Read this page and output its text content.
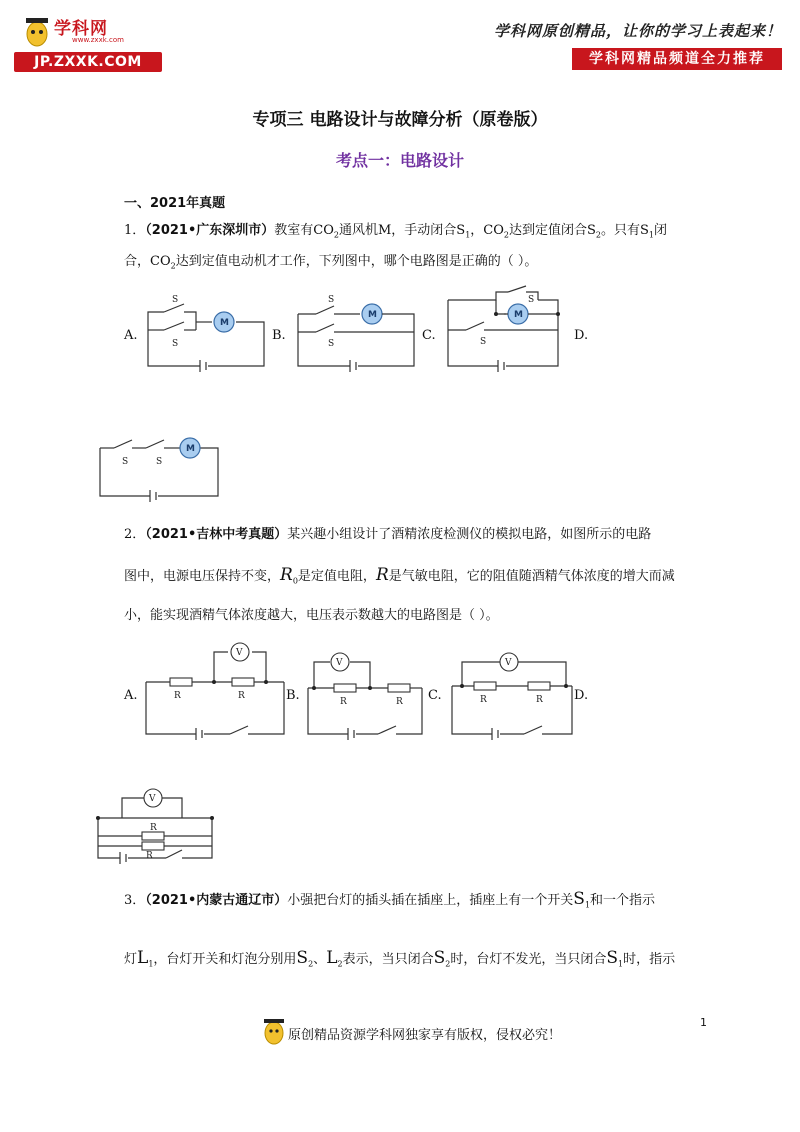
学科网
www.zxxk.com
JP.ZXXK.COM
学科网原创精品，让你的学习上表起来！
学科网精品频道全力推荐
专项三 电路设计与故障分析（原卷版）
考点一：电路设计
一、2021年真题
1．（2021•广东深圳市）教室有$CO_2$通风机M，手动闭合$S_1$，$CO_2$达到定值闭合$S_2$。只有$S_1$闭
合，$CO_2$达到定值电动机才工作，下列图中，哪个电路图是正确的（ ）。
A.	B.	C.	D.
M
S
S
M
S
S
M
S
S
M
S	S
2．（2021•吉林中考真题）某兴趣小组设计了酒精浓度检测仪的模拟电路，如图所示的电路
图中，电源电压保持不变，$R_0$是定值电阻，R是气敏电阻，它的阻值随酒精气体浓度的增大而减
小，能实现酒精气体浓度越大，电压表示数越大的电路图是（ ）。
A.	B.	C.	D.
V
R	R
V
R	R
V
R	R
V
R
R
3．（2021•内蒙古通辽市）小强把台灯的插头插在插座上，插座上有一个开关$S_1$和一个指示
灯$L_1$，台灯开关和灯泡分别用$S_2$、$L_2$表示，当只闭合$S_2$时，台灯不发光，当只闭合$S_1$时，指示
1
原创精品资源学科网独家享有版权，侵权必究！
